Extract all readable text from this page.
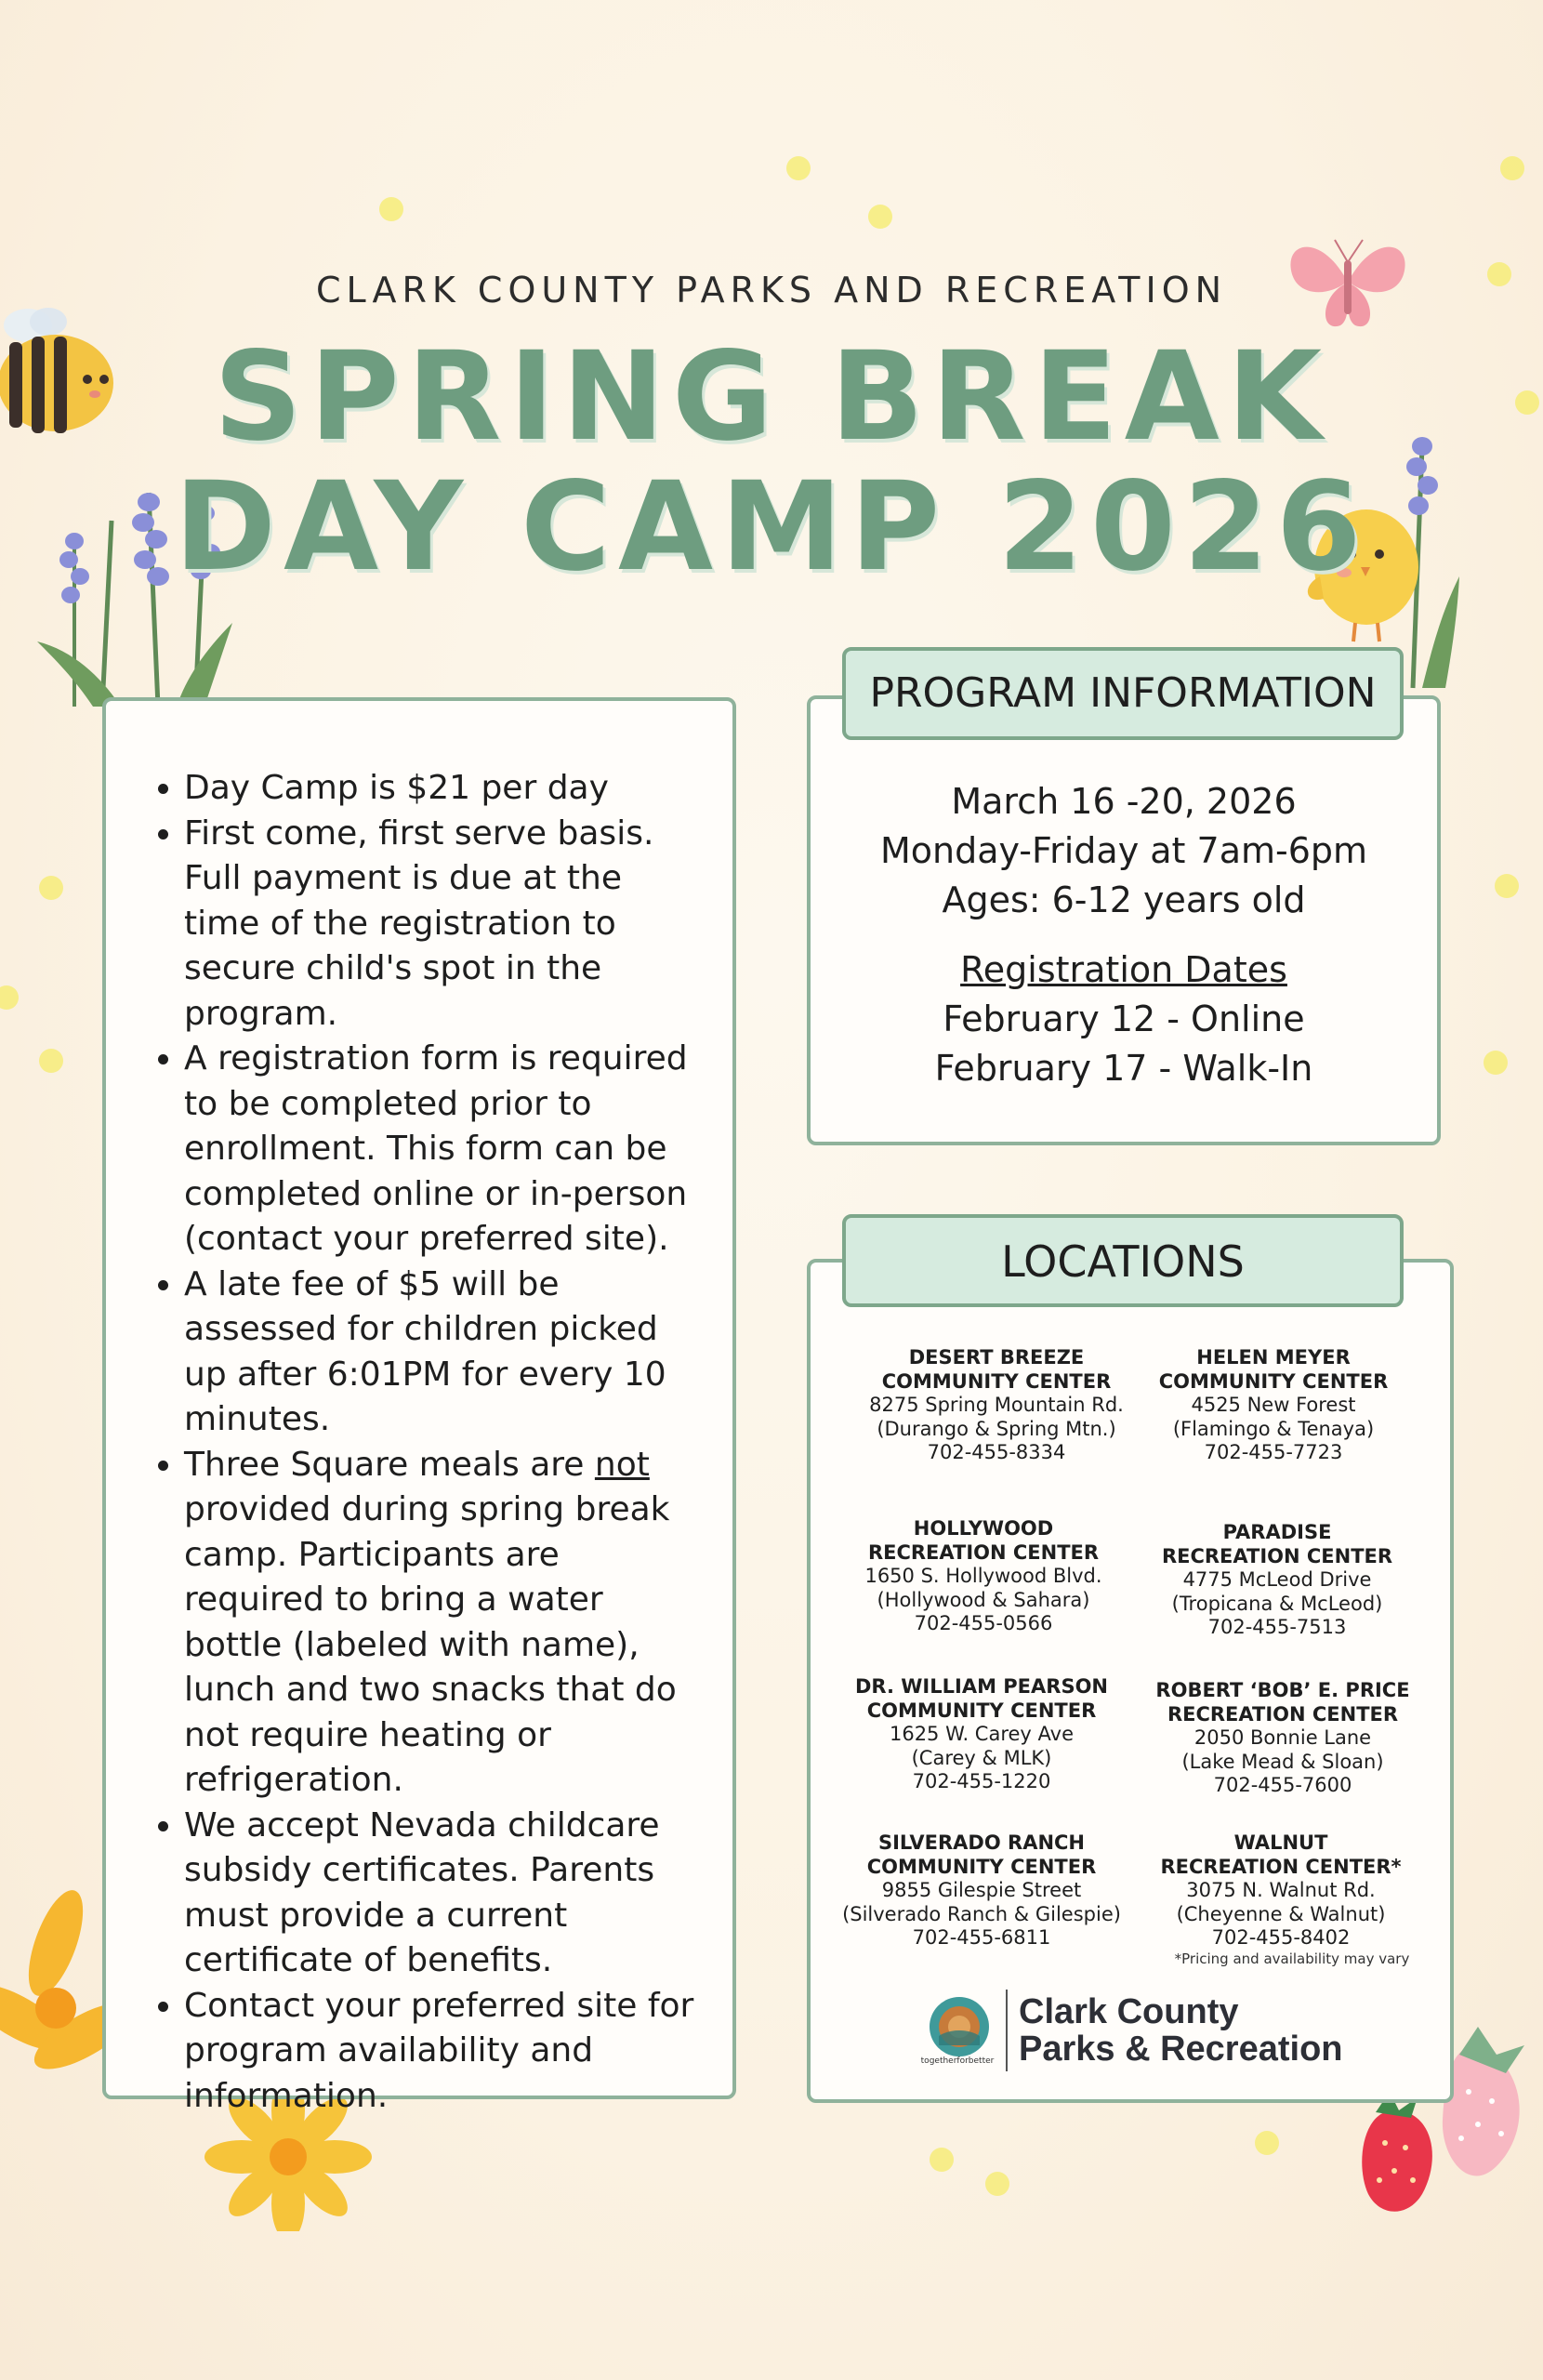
CLARK COUNTY PARKS AND RECREATION
SPRING BREAK
DAY CAMP 2026
• Day Camp is $21 per day
• First come, first serve basis. Full payment is due at the time of the registration to secure child's spot in the program.
• A registration form is required to be completed prior to enrollment. This form can be completed online or in-person (contact your preferred site).
• A late fee of $5 will be assessed for children picked up after 6:01PM for every 10 minutes.
• Three Square meals are not provided during spring break camp. Participants are required to bring a water bottle (labeled with name), lunch and two snacks that do not require heating or refrigeration.
• We accept Nevada childcare subsidy certificates. Parents must provide a current certificate of benefits.
• Contact your preferred site for program availability and information.
PROGRAM INFORMATION
March 16 -20, 2026
Monday-Friday at 7am-6pm
Ages: 6-12 years old
Registration Dates
February 12 - Online
February 17 - Walk-In
LOCATIONS
DESERT BREEZE
COMMUNITY CENTER
8275 Spring Mountain Rd.
(Durango & Spring Mtn.)
702-455-8334
HELEN MEYER
COMMUNITY CENTER
4525 New Forest
(Flamingo & Tenaya)
702-455-7723
HOLLYWOOD
RECREATION CENTER
1650 S. Hollywood Blvd.
(Hollywood & Sahara)
702-455-0566
PARADISE
RECREATION CENTER
4775 McLeod Drive
(Tropicana & McLeod)
702-455-7513
DR. WILLIAM PEARSON
COMMUNITY CENTER
1625 W. Carey Ave
(Carey & MLK)
702-455-1220
ROBERT ‘BOB’ E. PRICE
RECREATION CENTER
2050 Bonnie Lane
(Lake Mead & Sloan)
702-455-7600
SILVERADO RANCH
COMMUNITY CENTER
9855 Gilespie Street
(Silverado Ranch & Gilespie)
702-455-6811
WALNUT
RECREATION CENTER*
3075 N. Walnut Rd.
(Cheyenne & Walnut)
702-455-8402
*Pricing and availability may vary
togetherforbetter
Clark County
Parks & Recreation
